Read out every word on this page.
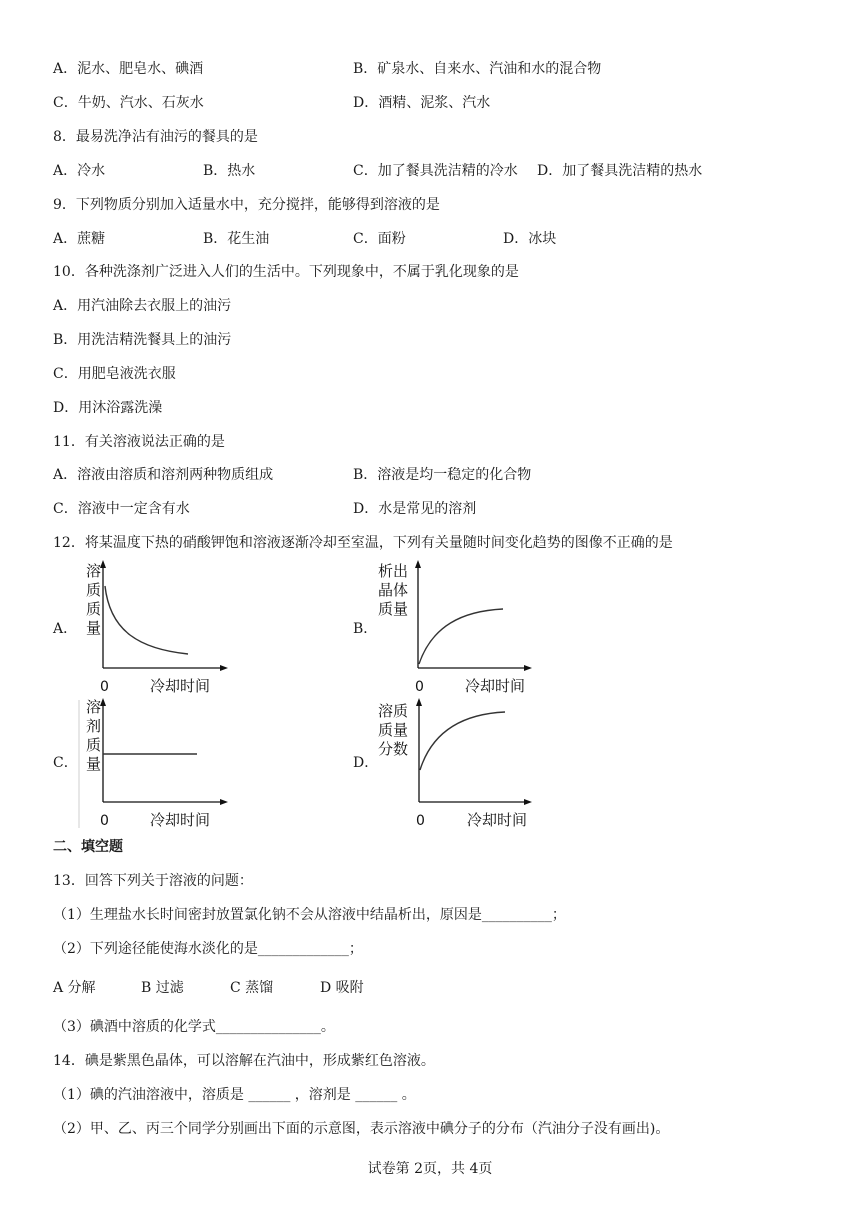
A．泥水、肥皂水、碘酒	B．矿泉水、自来水、汽油和水的混合物
C．牛奶、汽水、石灰水	D．酒精、泥浆、汽水
8．最易洗净沾有油污的餐具的是
A．冷水	B．热水	C．加了餐具洗洁精的冷水 D．加了餐具洗洁精的热水
9．下列物质分别加入适量水中，充分搅拌，能够得到溶液的是
A．蔗糖	B．花生油	C．面粉	D．冰块
10．各种洗涤剂广泛进入人们的生活中。下列现象中，不属于乳化现象的是
A．用汽油除去衣服上的油污
B．用洗洁精洗餐具上的油污
C．用肥皂液洗衣服
D．用沐浴露洗澡
11．有关溶液说法正确的是
A．溶液由溶质和溶剂两种物质组成	B．溶液是均一稳定的化合物
C．溶液中一定含有水	D．水是常见的溶剂
12．将某温度下热的硝酸钾饱和溶液逐渐冷却至室温，下列有关量随时间变化趋势的图像不正确的是
A．
溶
质
质
量
0	冷却时间
B．
析出
晶体
质量
0	冷却时间
C．
溶
剂
质
量
0	冷却时间
D．
溶质
质量
分数
0	冷却时间
二、填空题
13．回答下列关于溶液的问题：
（1）生理盐水长时间密封放置氯化钠不会从溶液中结晶析出，原因是__________；
（2）下列途径能使海水淡化的是_____________；
A 分解	B 过滤	C 蒸馏	D 吸附
（3）碘酒中溶质的化学式_______________。
14．碘是紫黑色晶体，可以溶解在汽油中，形成紫红色溶液。
（1）碘的汽油溶液中，溶质是 ______ ，溶剂是 ______ 。
（2）甲、乙、丙三个同学分别画出下面的示意图，表示溶液中碘分子的分布（汽油分子没有画出)。
试卷第 2页，共 4页
